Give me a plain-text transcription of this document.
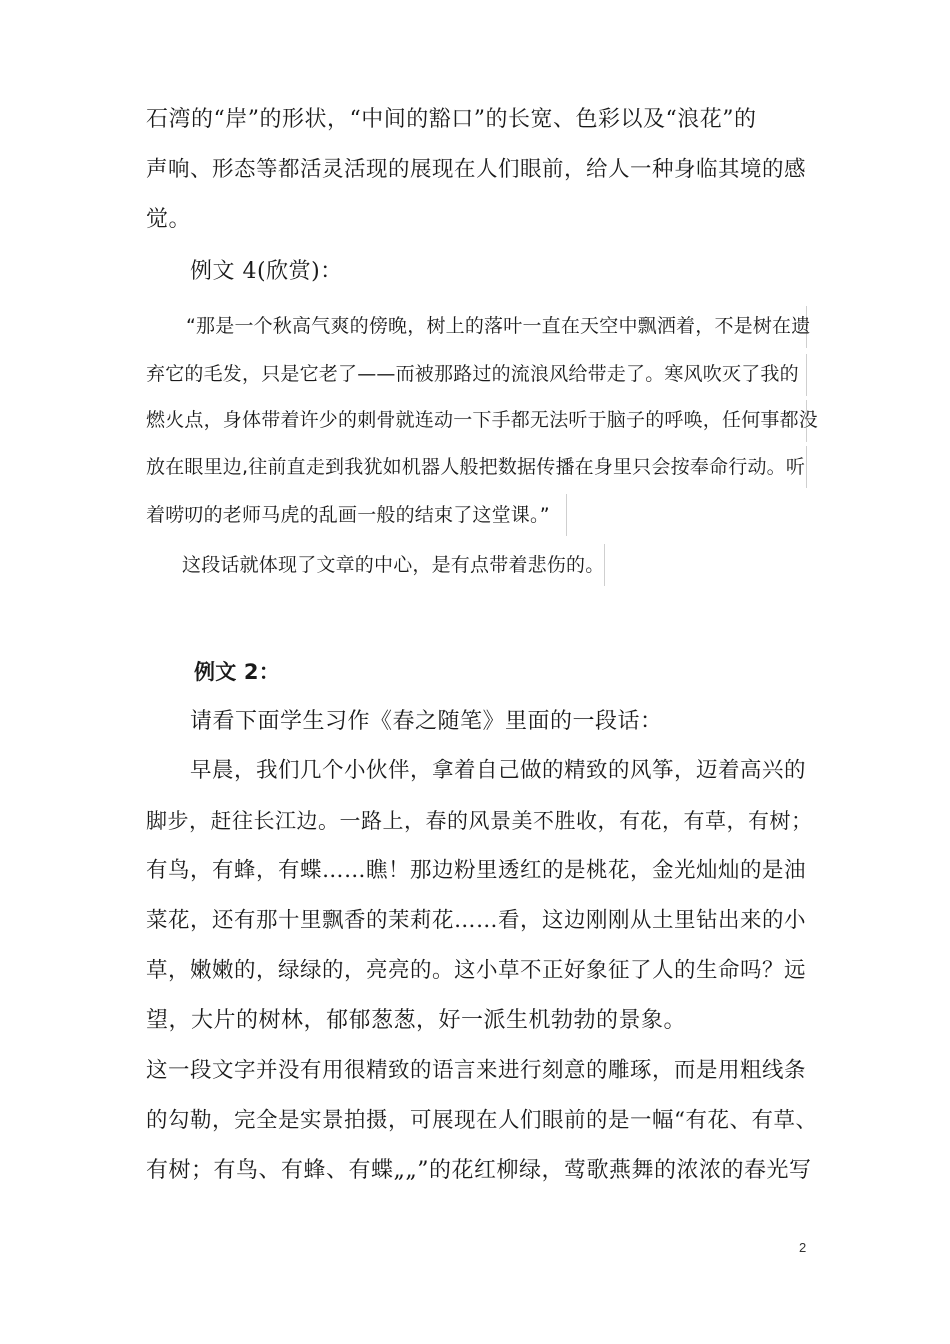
石湾的“岸”的形状，“中间的豁口”的长宽、色彩以及“浪花”的
声响、形态等都活灵活现的展现在人们眼前，给人一种身临其境的感
觉。
例文 4(欣赏)：
“那是一个秋高气爽的傍晚，树上的落叶一直在天空中飘洒着，不是树在遗
弃它的毛发，只是它老了——而被那路过的流浪风给带走了。寒风吹灭了我的
燃火点，身体带着许少的刺骨就连动一下手都无法听于脑子的呼唤，任何事都没
放在眼里边,往前直走到我犹如机器人般把数据传播在身里只会按奉命行动。听
着唠叨的老师马虎的乱画一般的结束了这堂课。”
这段话就体现了文章的中心，是有点带着悲伤的。
例文 2：
请看下面学生习作《春之随笔》里面的一段话：
早晨，我们几个小伙伴，拿着自己做的精致的风筝，迈着高兴的
脚步，赶往长江边。一路上，春的风景美不胜收，有花，有草，有树；
有鸟，有蜂，有蝶……瞧！那边粉里透红的是桃花，金光灿灿的是油
菜花，还有那十里飘香的茉莉花……看，这边刚刚从土里钻出来的小
草，嫩嫩的，绿绿的，亮亮的。这小草不正好象征了人的生命吗？远
望，大片的树林，郁郁葱葱，好一派生机勃勃的景象。
这一段文字并没有用很精致的语言来进行刻意的雕琢，而是用粗线条
的勾勒，完全是实景拍摄，可展现在人们眼前的是一幅“有花、有草、
有树；有鸟、有蜂、有蝶„„”的花红柳绿，莺歌燕舞的浓浓的春光写
2
